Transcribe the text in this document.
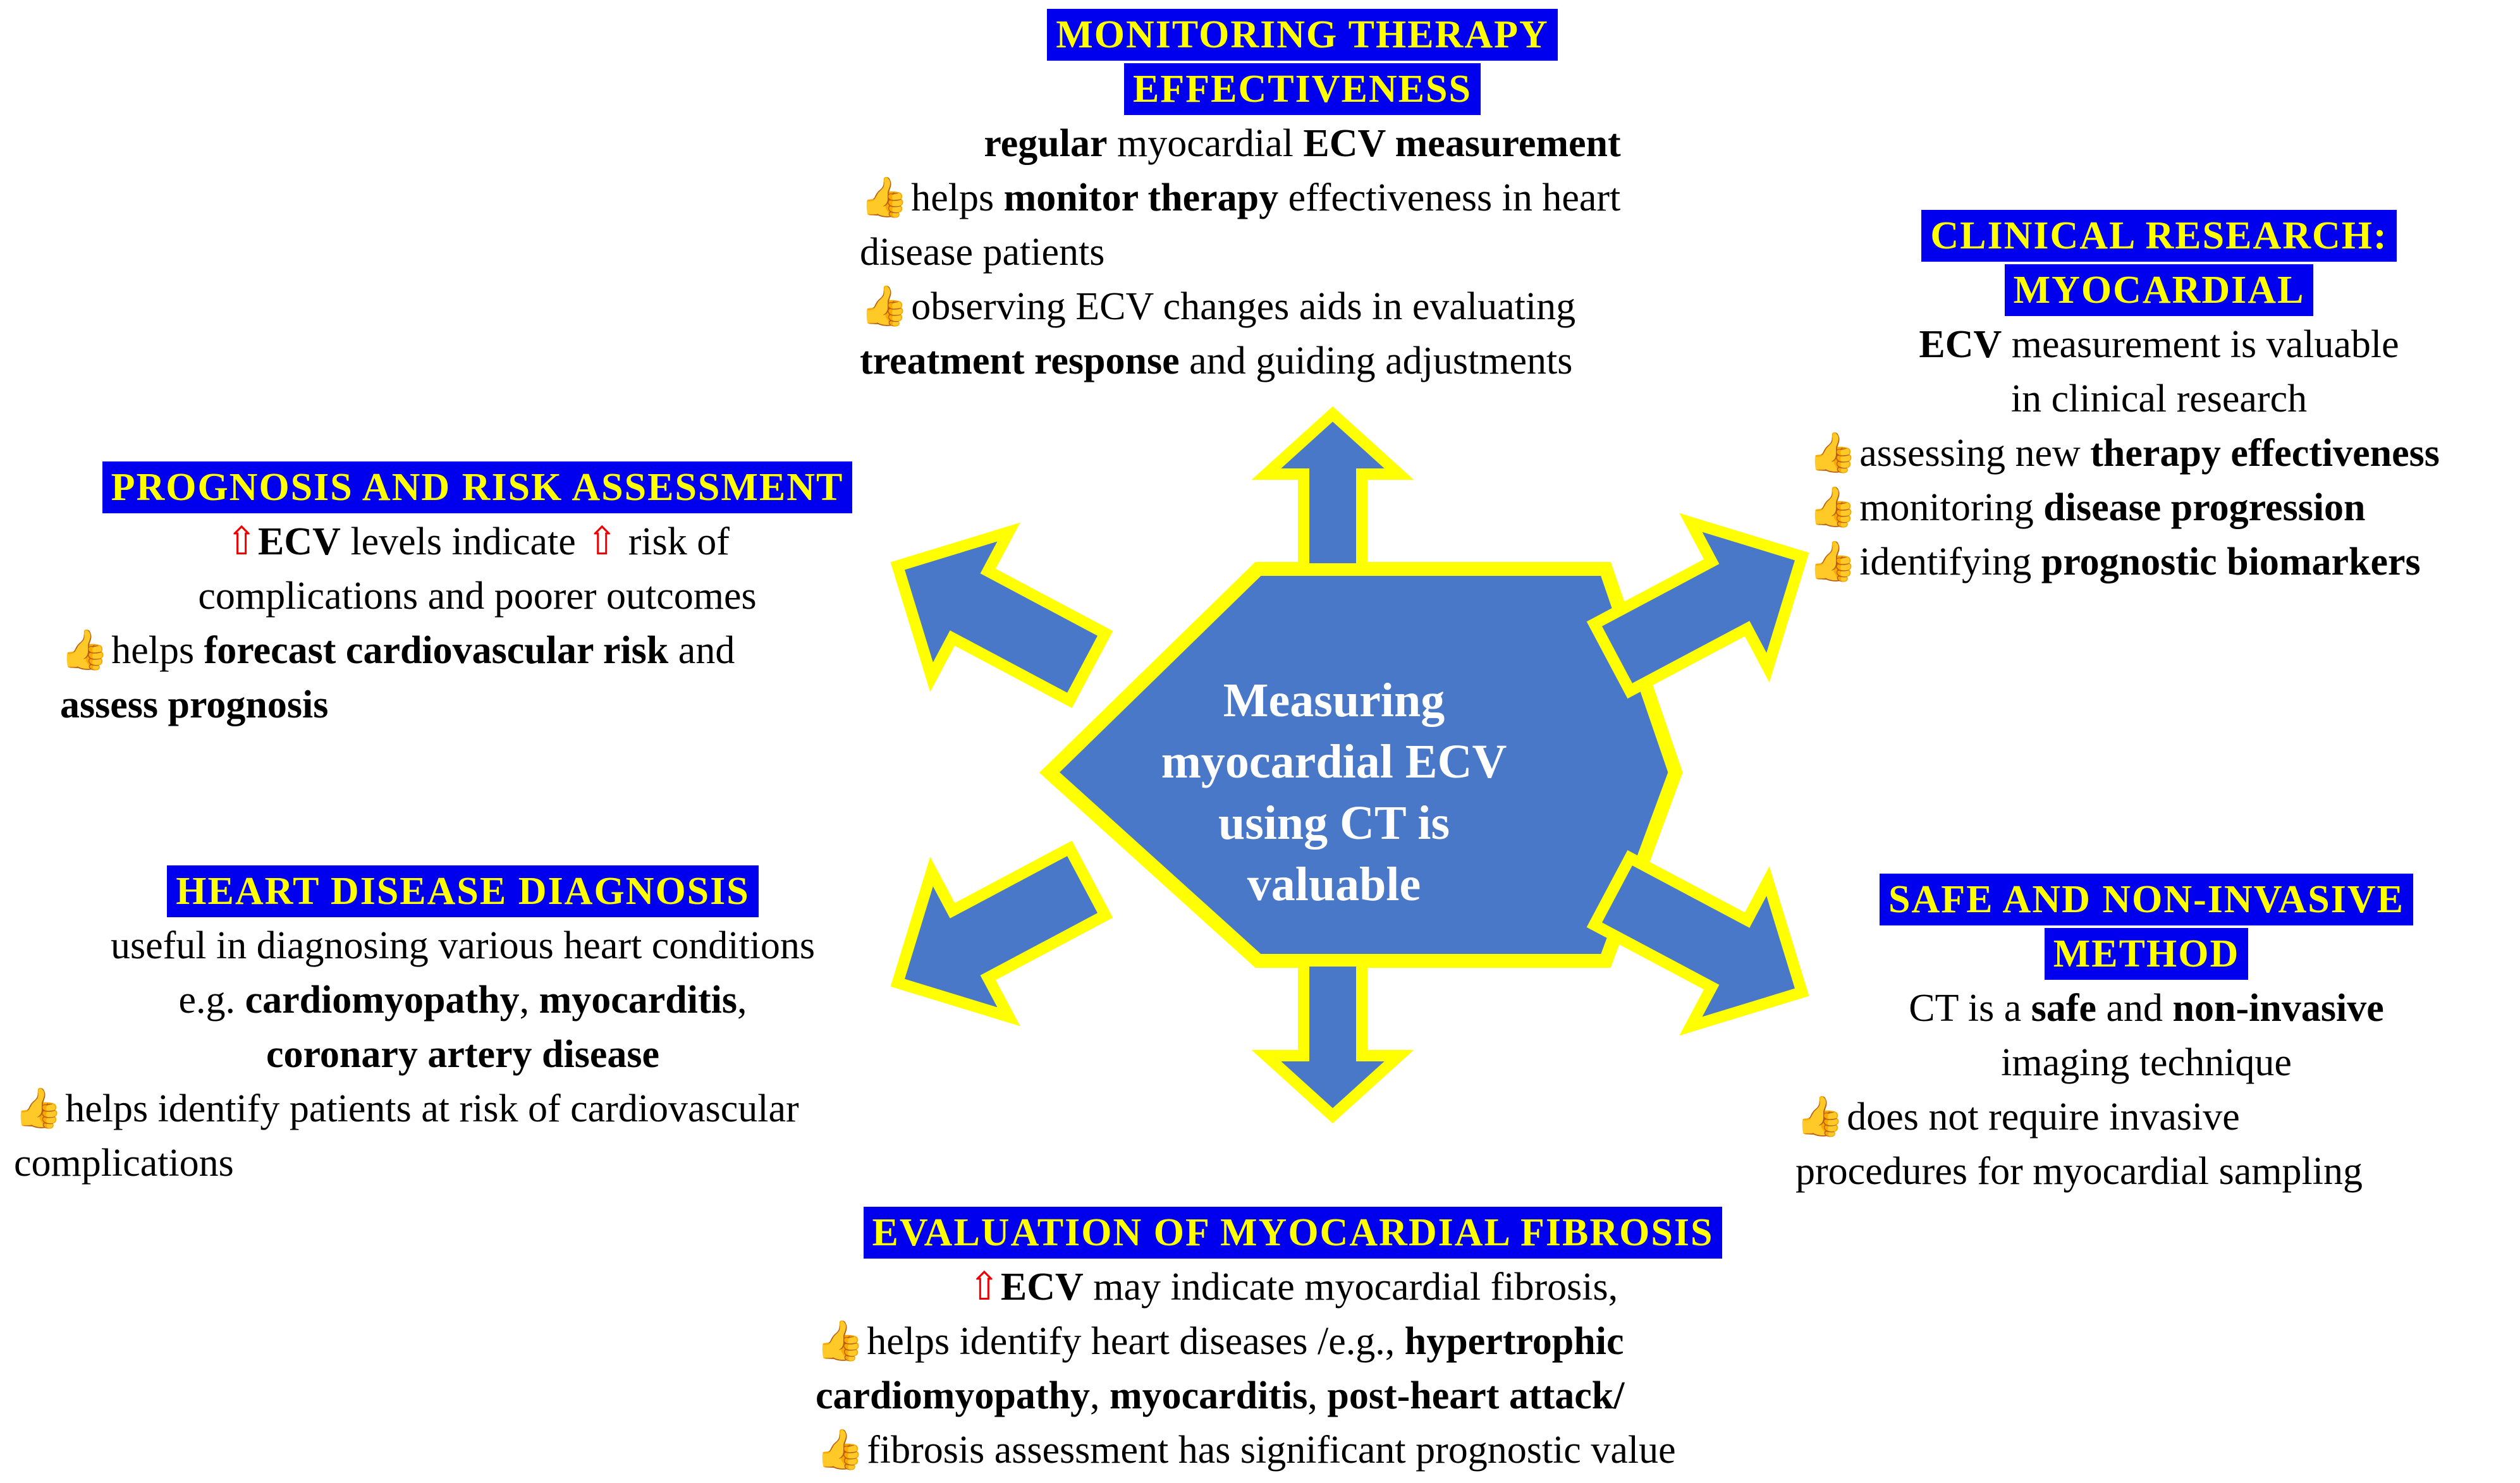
Measuring
myocardial ECV
using CT is
valuable
MONITORING THERAPY
EFFECTIVENESS
regular myocardial ECV measurement
👍helps monitor therapy effectiveness in heart
disease patients
👍observing ECV changes aids in evaluating
treatment response and guiding adjustments
CLINICAL RESEARCH:
MYOCARDIAL
ECV measurement is valuable
in clinical research
👍assessing new therapy effectiveness
👍monitoring disease progression
👍identifying prognostic biomarkers
PROGNOSIS AND RISK ASSESSMENT
⇧ECV levels indicate ⇧ risk of
complications and poorer outcomes
👍helps forecast cardiovascular risk and
assess prognosis
HEART DISEASE DIAGNOSIS
useful in diagnosing various heart conditions
e.g. cardiomyopathy, myocarditis,
coronary artery disease
👍helps identify patients at risk of cardiovascular
complications
SAFE AND NON-INVASIVE
METHOD
CT is a safe and non-invasive
imaging technique
👍does not require invasive
procedures for myocardial sampling
EVALUATION OF MYOCARDIAL FIBROSIS
⇧ECV may indicate myocardial fibrosis,
👍helps identify heart diseases /e.g., hypertrophic
cardiomyopathy, myocarditis, post-heart attack/
👍fibrosis assessment has significant prognostic value
